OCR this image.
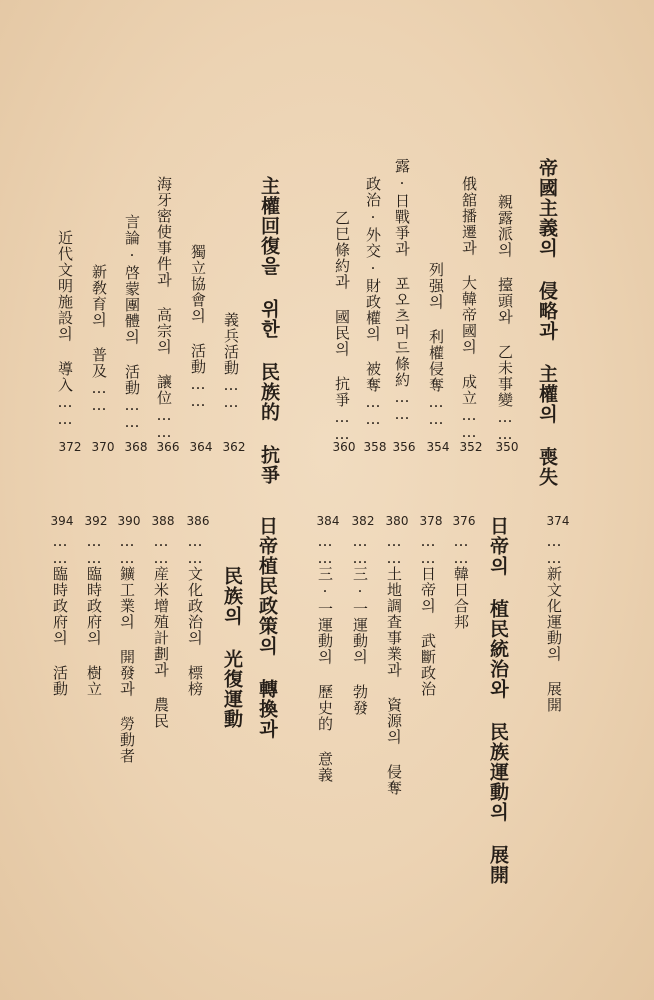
帝國主義의 侵略과 主權의 喪失
親露派의 擡頭와 乙未事變……
350
俄舘播遷과 大韓帝國의 成立……
352
列强의 利權侵奪……
354
露·日戰爭과 포오츠머드條約……
356
政治·外交·財政權의 被奪……
358
乙巳條約과 國民의 抗爭……
360
主權回復을 위한 民族的 抗爭
義兵活動……
362
獨立協會의 活動……
364
海牙密使事件과 高宗의 讓位……
366
言論·啓蒙團體의 活動……
368
新敎育의 普及……
370
近代文明施設의 導入……
372
374
……新文化運動의 展開
日帝의 植民統治와 民族運動의 展開
376
……韓日合邦
378
……日帝의 武斷政治
380
……土地調査事業과 資源의 侵奪
382
……三·一運動의 勃發
384
……三·一運動의 歷史的 意義
日帝植民政策의 轉換과
民族의 光復運動
386
……文化政治의 標榜
388
……産米增殖計劃과 農民
390
……鑛工業의 開發과 勞動者
392
……臨時政府의 樹立
394
……臨時政府의 活動
